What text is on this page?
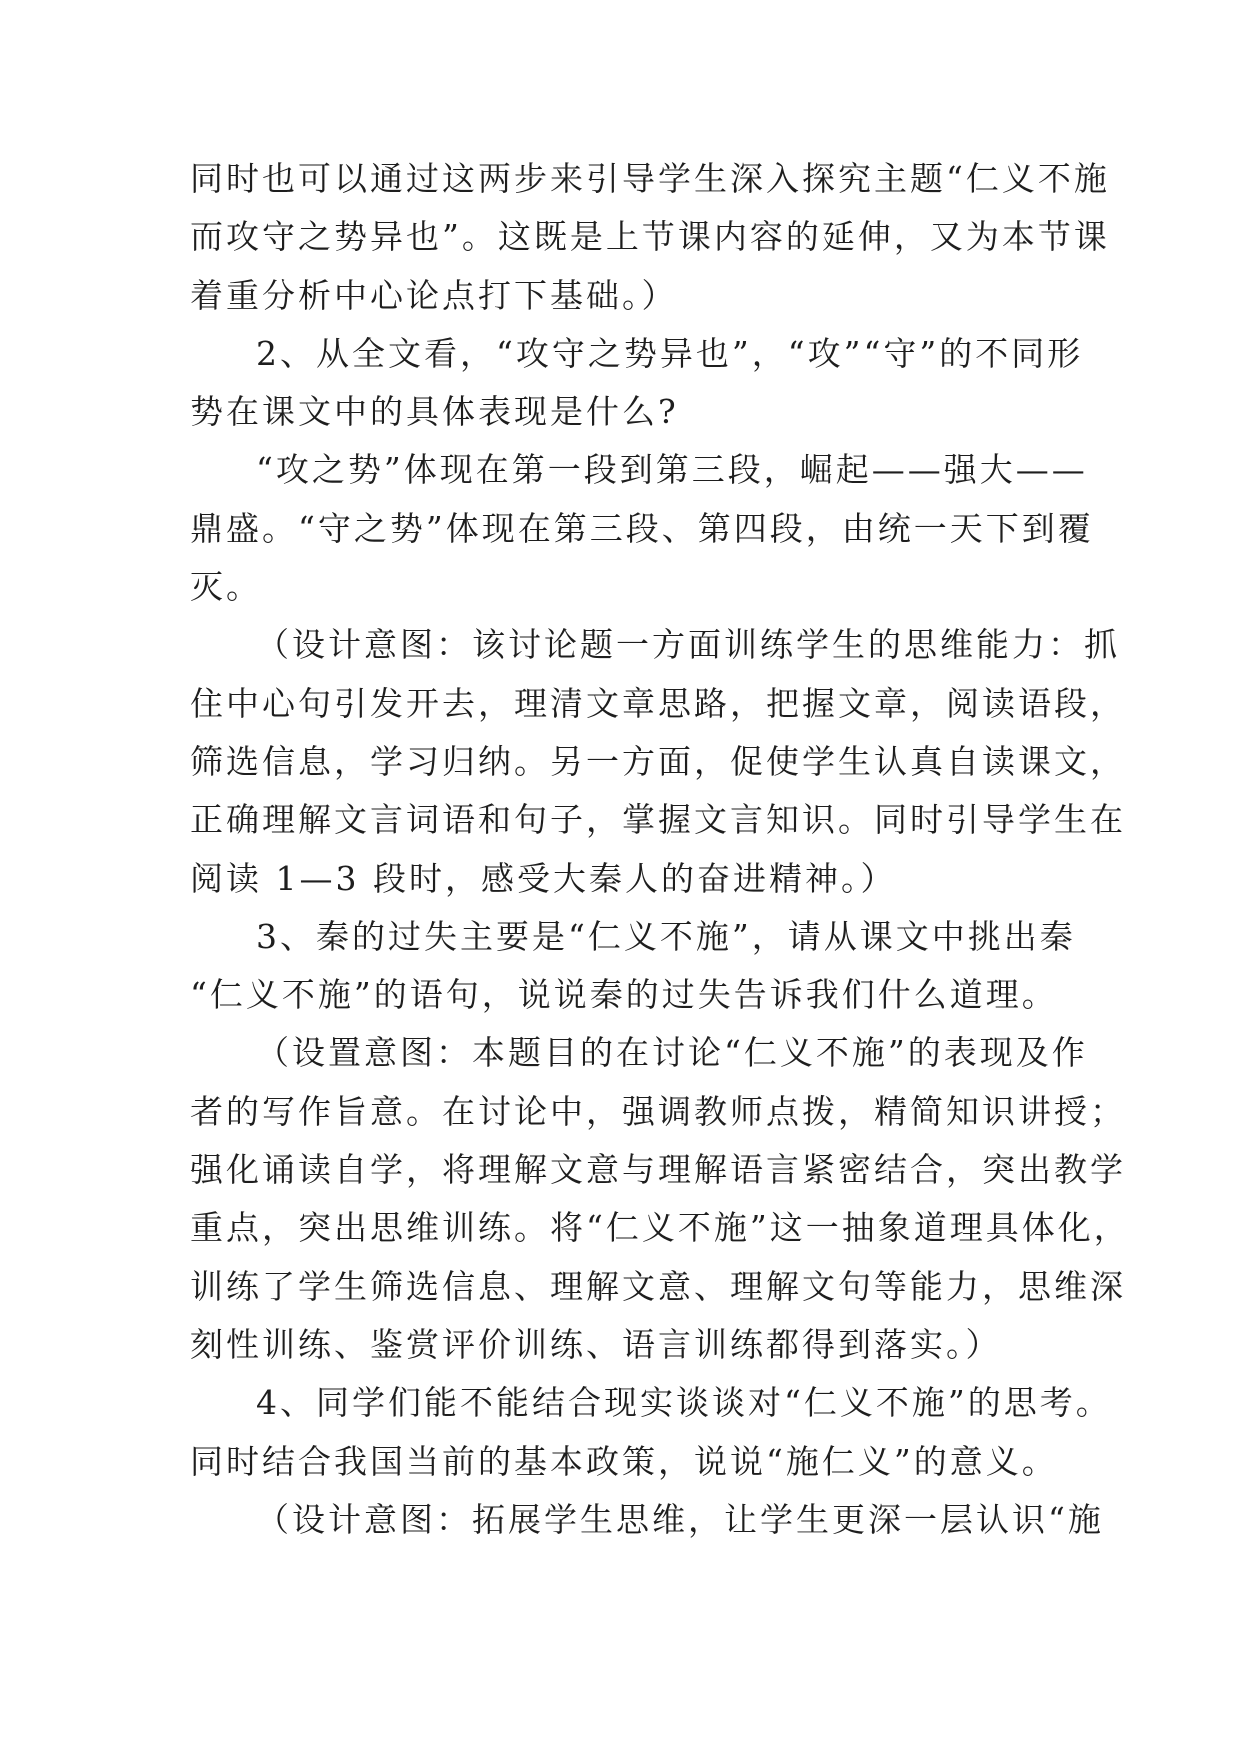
同时也可以通过这两步来引导学生深入探究主题“仁义不施
而攻守之势异也”。这既是上节课内容的延伸，又为本节课
着重分析中心论点打下基础。）
2、从全文看，“攻守之势异也”，“攻”“守”的不同形
势在课文中的具体表现是什么?
“攻之势”体现在第一段到第三段，崛起——强大——
鼎盛。“守之势”体现在第三段、第四段，由统一天下到覆
灭。
（设计意图：该讨论题一方面训练学生的思维能力：抓
住中心句引发开去，理清文章思路，把握文章，阅读语段，
筛选信息，学习归纳。另一方面，促使学生认真自读课文，
正确理解文言词语和句子，掌握文言知识。同时引导学生在
阅读 1—3 段时，感受大秦人的奋进精神。）
3、秦的过失主要是“仁义不施”，请从课文中挑出秦
“仁义不施”的语句，说说秦的过失告诉我们什么道理。
（设置意图：本题目的在讨论“仁义不施”的表现及作
者的写作旨意。在讨论中，强调教师点拨，精简知识讲授；
强化诵读自学，将理解文意与理解语言紧密结合，突出教学
重点，突出思维训练。将“仁义不施”这一抽象道理具体化，
训练了学生筛选信息、理解文意、理解文句等能力，思维深
刻性训练、鉴赏评价训练、语言训练都得到落实。）
4、同学们能不能结合现实谈谈对“仁义不施”的思考。
同时结合我国当前的基本政策，说说“施仁义”的意义。
（设计意图：拓展学生思维，让学生更深一层认识“施
